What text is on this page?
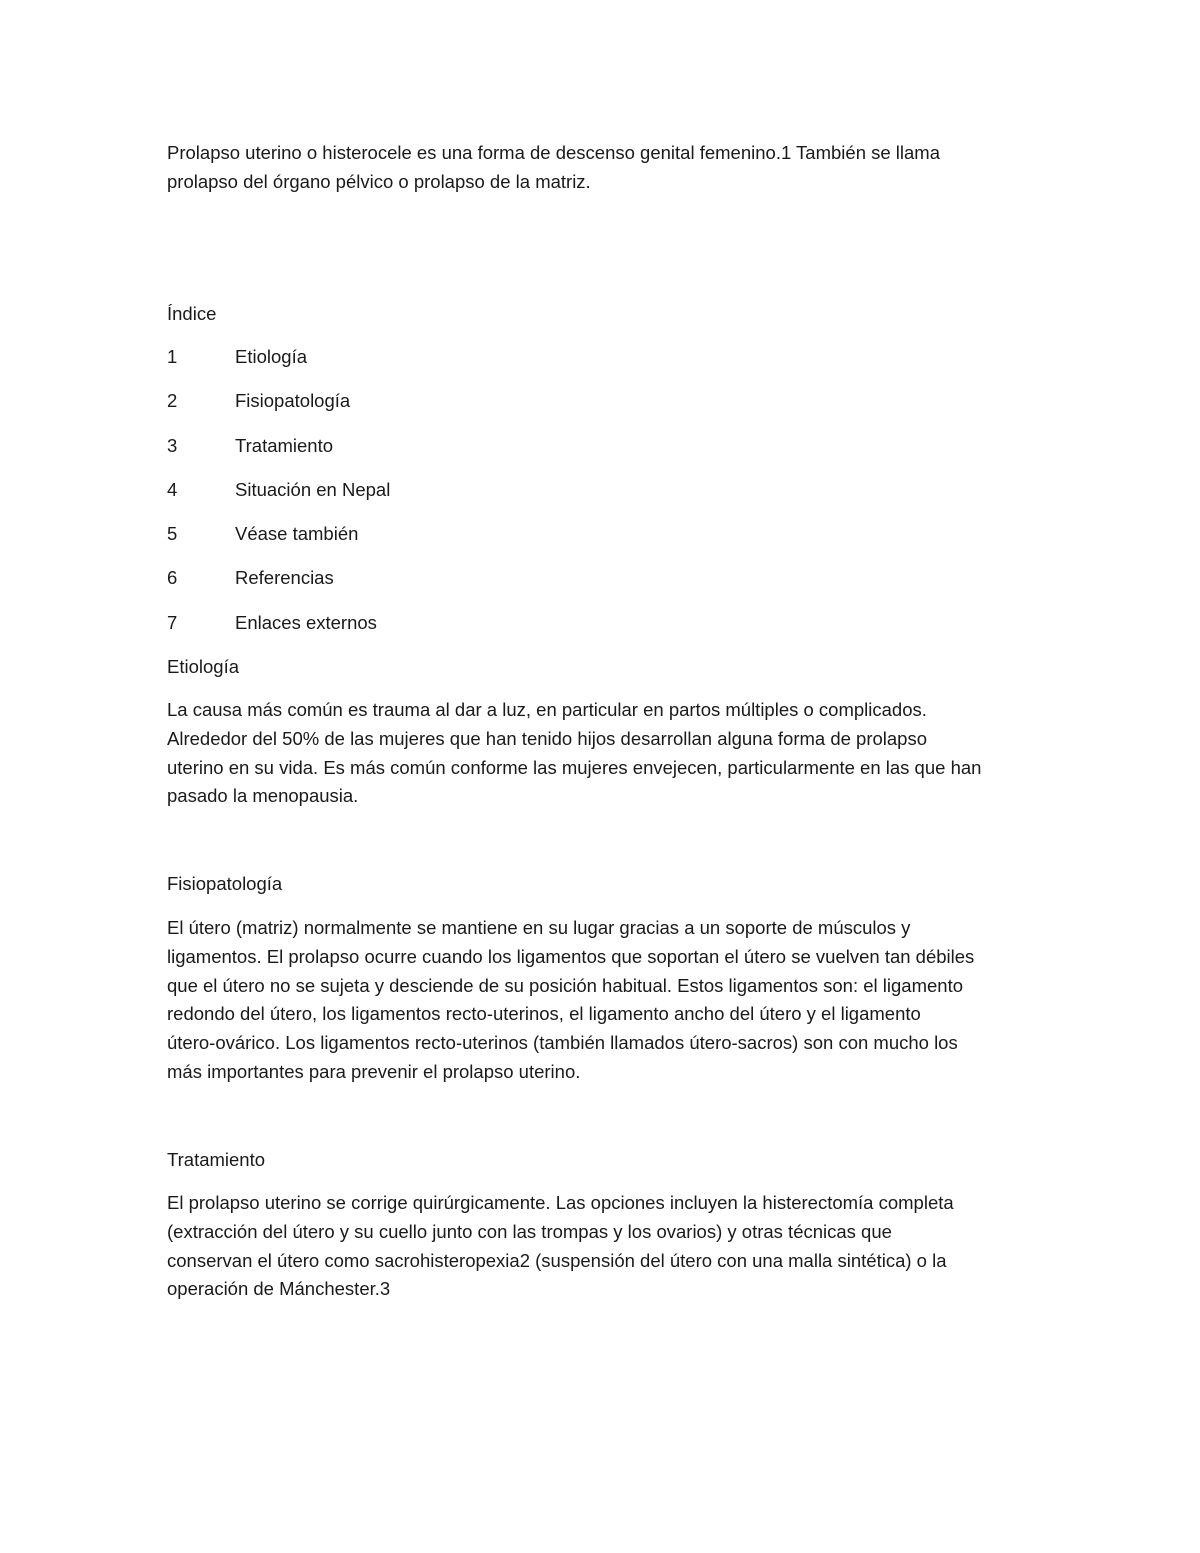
Prolapso uterino o histerocele es una forma de descenso genital femenino.1 También se llama
prolapso del órgano pélvico o prolapso de la matriz.

Índice
1	Etiología
2	Fisiopatología
3	Tratamiento
4	Situación en Nepal
5	Véase también
6	Referencias
7	Enlaces externos
Etiología

La causa más común es trauma al dar a luz, en particular en partos múltiples o complicados.
Alrededor del 50% de las mujeres que han tenido hijos desarrollan alguna forma de prolapso
uterino en su vida. Es más común conforme las mujeres envejecen, particularmente en las que han
pasado la menopausia.

Fisiopatología

El útero (matriz) normalmente se mantiene en su lugar gracias a un soporte de músculos y
ligamentos. El prolapso ocurre cuando los ligamentos que soportan el útero se vuelven tan débiles
que el útero no se sujeta y desciende de su posición habitual. Estos ligamentos son: el ligamento
redondo del útero, los ligamentos recto-uterinos, el ligamento ancho del útero y el ligamento
útero-ovárico. Los ligamentos recto-uterinos (también llamados útero-sacros) son con mucho los
más importantes para prevenir el prolapso uterino.

Tratamiento

El prolapso uterino se corrige quirúrgicamente. Las opciones incluyen la histerectomía completa
(extracción del útero y su cuello junto con las trompas y los ovarios) y otras técnicas que
conservan el útero como sacrohisteropexia2 (suspensión del útero con una malla sintética) o la
operación de Mánchester.3
